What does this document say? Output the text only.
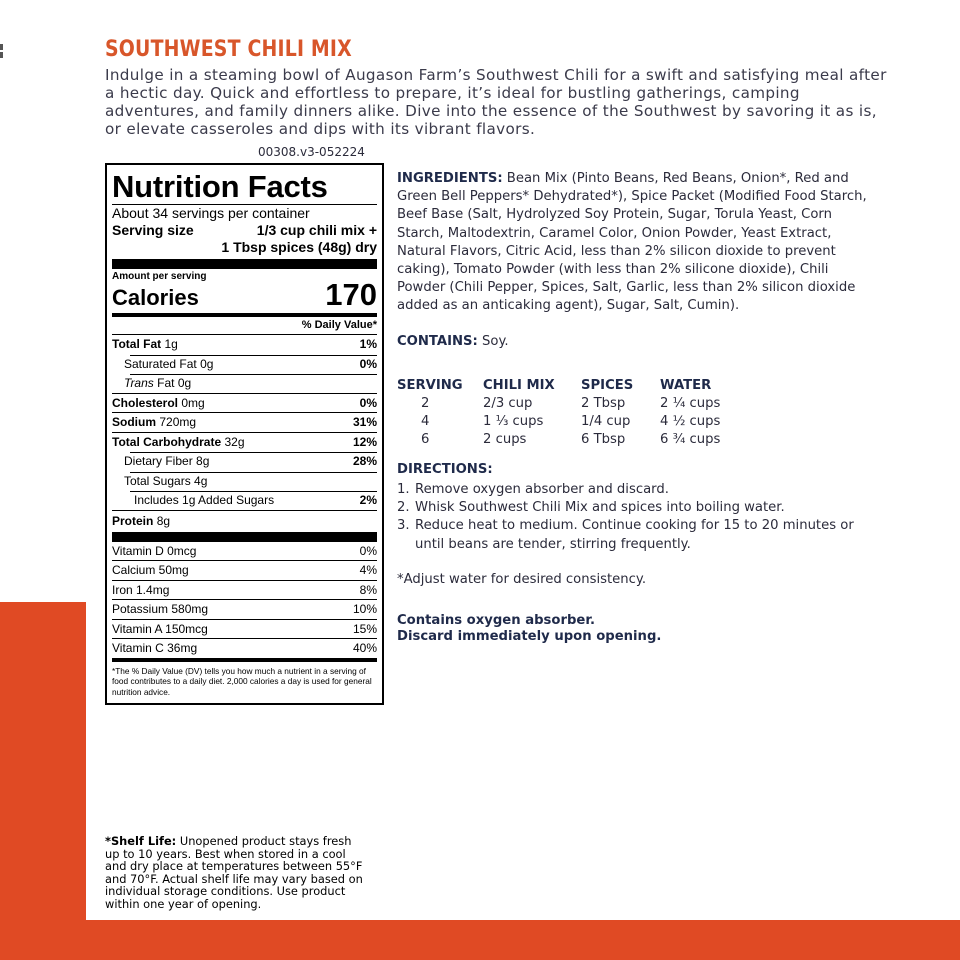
SOUTHWEST CHILI MIX
Indulge in a steaming bowl of Augason Farm’s Southwest Chili for a swift and satisfying meal after a hectic day. Quick and effortless to prepare, it’s ideal for bustling gatherings, camping adventures, and family dinners alike. Dive into the essence of the Southwest by savoring it as is, or elevate casseroles and dips with its vibrant flavors.
00308.v3-052224
Nutrition Facts
About 34 servings per container
Serving size	1/3 cup chili mix +
1 Tbsp spices (48g) dry
Amount per serving
Calories	170
% Daily Value*
Total Fat 1g	1%
Saturated Fat 0g	0%
Trans Fat 0g
Cholesterol 0mg	0%
Sodium 720mg	31%
Total Carbohydrate 32g	12%
Dietary Fiber 8g	28%
Total Sugars 4g
Includes 1g Added Sugars	2%
Protein 8g
Vitamin D 0mcg	0%
Calcium 50mg	4%
Iron 1.4mg	8%
Potassium 580mg	10%
Vitamin A 150mcg	15%
Vitamin C 36mg	40%
*The % Daily Value (DV) tells you how much a nutrient in a serving of food contributes to a daily diet. 2,000 calories a day is used for general nutrition advice.
INGREDIENTS: Bean Mix (Pinto Beans, Red Beans, Onion*, Red and Green Bell Peppers* Dehydrated*), Spice Packet (Modified Food Starch, Beef Base (Salt, Hydrolyzed Soy Protein, Sugar, Torula Yeast, Corn Starch, Maltodextrin, Caramel Color, Onion Powder, Yeast Extract, Natural Flavors, Citric Acid, less than 2% silicon dioxide to prevent caking), Tomato Powder (with less than 2% silicone dioxide), Chili Powder (Chili Pepper, Spices, Salt, Garlic, less than 2% silicon dioxide added as an anticaking agent), Sugar, Salt, Cumin).
CONTAINS: Soy.
SERVING	CHILI MIX	SPICES	WATER
2	2/3 cup	2 Tbsp	2 ¼ cups
4	1 ⅓ cups	1/4 cup	4 ½ cups
6	2 cups	6 Tbsp	6 ¾ cups
DIRECTIONS:
1. Remove oxygen absorber and discard.
2. Whisk Southwest Chili Mix and spices into boiling water.
3. Reduce heat to medium. Continue cooking for 15 to 20 minutes or until beans are tender, stirring frequently.
*Adjust water for desired consistency.
Contains oxygen absorber.
Discard immediately upon opening.
*Shelf Life: Unopened product stays fresh up to 10 years. Best when stored in a cool and dry place at temperatures between 55°F and 70°F. Actual shelf life may vary based on individual storage conditions. Use product within one year of opening.
